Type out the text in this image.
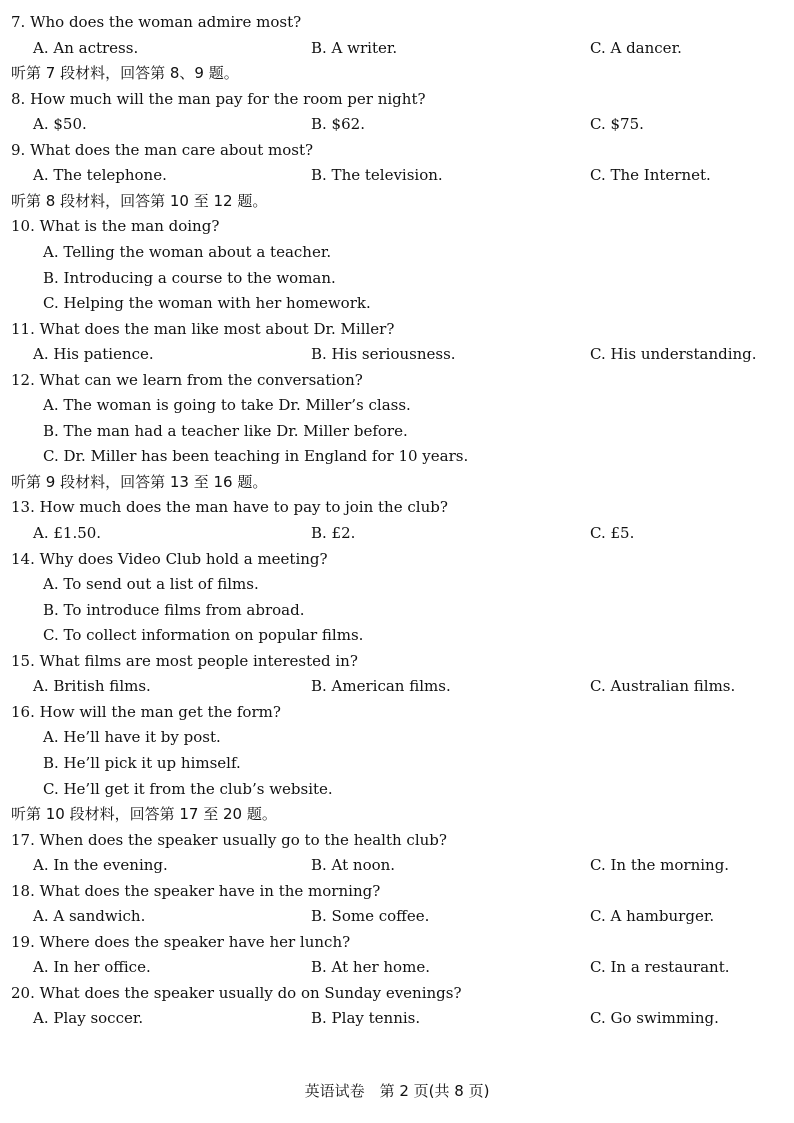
7. Who does the woman admire most?
A. An actress.	B. A writer.	C. A dancer.
听第 7 段材料，回答第 8、9 题。
8. How much will the man pay for the room per night?
A. $50.	B. $62.	C. $75.
9. What does the man care about most?
A. The telephone.	B. The television.	C. The Internet.
听第 8 段材料，回答第 10 至 12 题。
10. What is the man doing?
A. Telling the woman about a teacher.
B. Introducing a course to the woman.
C. Helping the woman with her homework.
11. What does the man like most about Dr. Miller?
A. His patience.	B. His seriousness.	C. His understanding.
12. What can we learn from the conversation?
A. The woman is going to take Dr. Miller’s class.
B. The man had a teacher like Dr. Miller before.
C. Dr. Miller has been teaching in England for 10 years.
听第 9 段材料，回答第 13 至 16 题。
13. How much does the man have to pay to join the club?
A. £1.50.	B. £2.	C. £5.
14. Why does Video Club hold a meeting?
A. To send out a list of films.
B. To introduce films from abroad.
C. To collect information on popular films.
15. What films are most people interested in?
A. British films.	B. American films.	C. Australian films.
16. How will the man get the form?
A. He’ll have it by post.
B. He’ll pick it up himself.
C. He’ll get it from the club’s website.
听第 10 段材料，回答第 17 至 20 题。
17. When does the speaker usually go to the health club?
A. In the evening.	B. At noon.	C. In the morning.
18. What does the speaker have in the morning?
A. A sandwich.	B. Some coffee.	C. A hamburger.
19. Where does the speaker have her lunch?
A. In her office.	B. At her home.	C. In a restaurant.
20. What does the speaker usually do on Sunday evenings?
A. Play soccer.	B. Play tennis.	C. Go swimming.
英语试卷　第 2 页(共 8 页)
